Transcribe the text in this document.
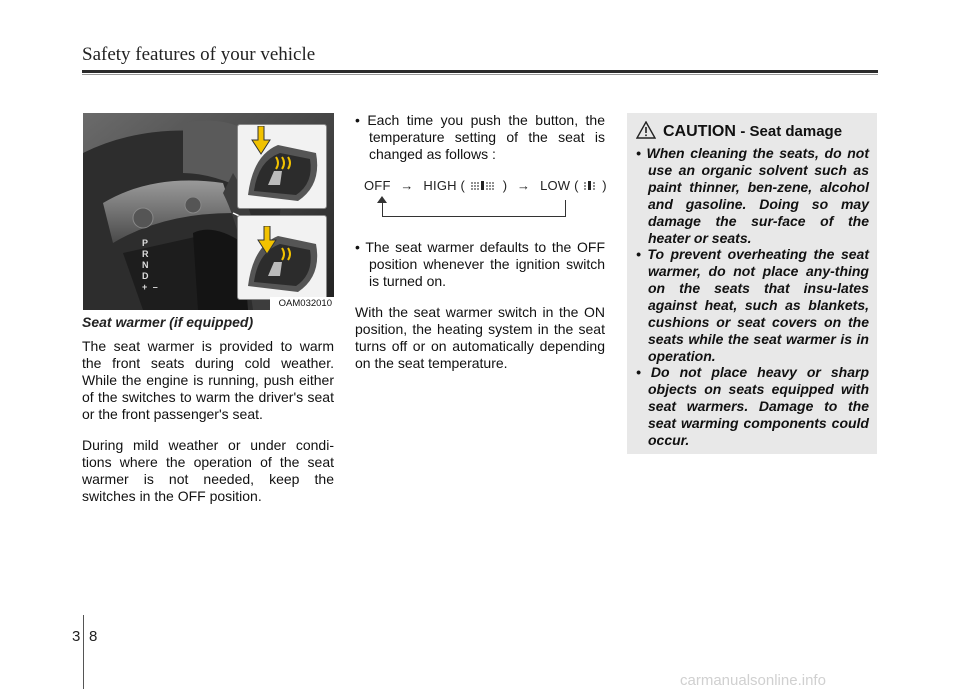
Safety features of your vehicle
P
R
N
D
+ –
OAM032010
Seat warmer (if equipped)

The seat warmer is provided to warm the front seats during cold weather. While the engine is running, push either of the switches to warm the driver's seat or the front passenger's seat.

During mild weather or under condi-tions where the operation of the seat warmer is not needed, keep the switches in the OFF position.

• Each time you push the button, the temperature setting of the seat is changed as follows :

OFF → HIGH (	) → LOW ( )

• The seat warmer defaults to the OFF position whenever the ignition switch is turned on.

With the seat warmer switch in the ON position, the heating system in the seat turns off or on automatically depending on the seat temperature.

CAUTION - Seat damage

• When cleaning the seats, do not use an organic solvent such as paint thinner, ben-zene, alcohol and gasoline. Doing so may damage the sur-face of the heater or seats.

• To prevent overheating the seat warmer, do not place any-thing on the seats that insu-lates against heat, such as blankets, cushions or seat covers on the seats while the seat warmer is in operation.

• Do not place heavy or sharp objects on seats equipped with seat warmers. Damage to the seat warming components could occur.

3 8
carmanualsonline.info
